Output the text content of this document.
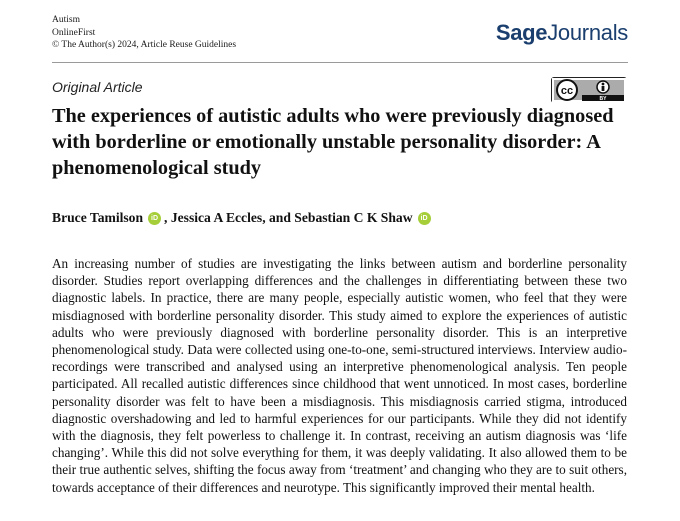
Autism
OnlineFirst
© The Author(s) 2024, Article Reuse Guidelines	SageJournals
Original Article	cc
BY
The experiences of autistic adults who were previously diagnosed with borderline or emotionally unstable personality disorder: A phenomenological study
Bruce Tamilson	iD , Jessica A Eccles, and Sebastian C K Shaw	iD

An increasing number of studies are investigating the links between autism and borderline personality disorder. Studies report overlapping differences and the challenges in differentiating between these two diagnostic labels. In practice, there are many people, especially autistic women, who feel that they were misdiagnosed with borderline personality disorder. This study aimed to explore the experiences of autistic adults who were previously diagnosed with borderline personality disorder. This is an interpretive phenomenological study. Data were collected using one-to-one, semi-structured interviews. Interview audio-recordings were transcribed and analysed using an interpretive phenomenological analysis. Ten people participated. All recalled autistic differences since childhood that went unnoticed. In most cases, borderline personality disorder was felt to have been a misdiagnosis. This misdiagnosis carried stigma, introduced diagnostic overshadowing and led to harmful experiences for our participants. While they did not identify with the diagnosis, they felt powerless to challenge it. In contrast, receiving an autism diagnosis was ‘life changing’. While this did not solve everything for them, it was deeply validating. It also allowed them to be their true authentic selves, shifting the focus away from ‘treatment’ and changing who they are to suit others, towards acceptance of their differences and neurotype. This significantly improved their mental health.
